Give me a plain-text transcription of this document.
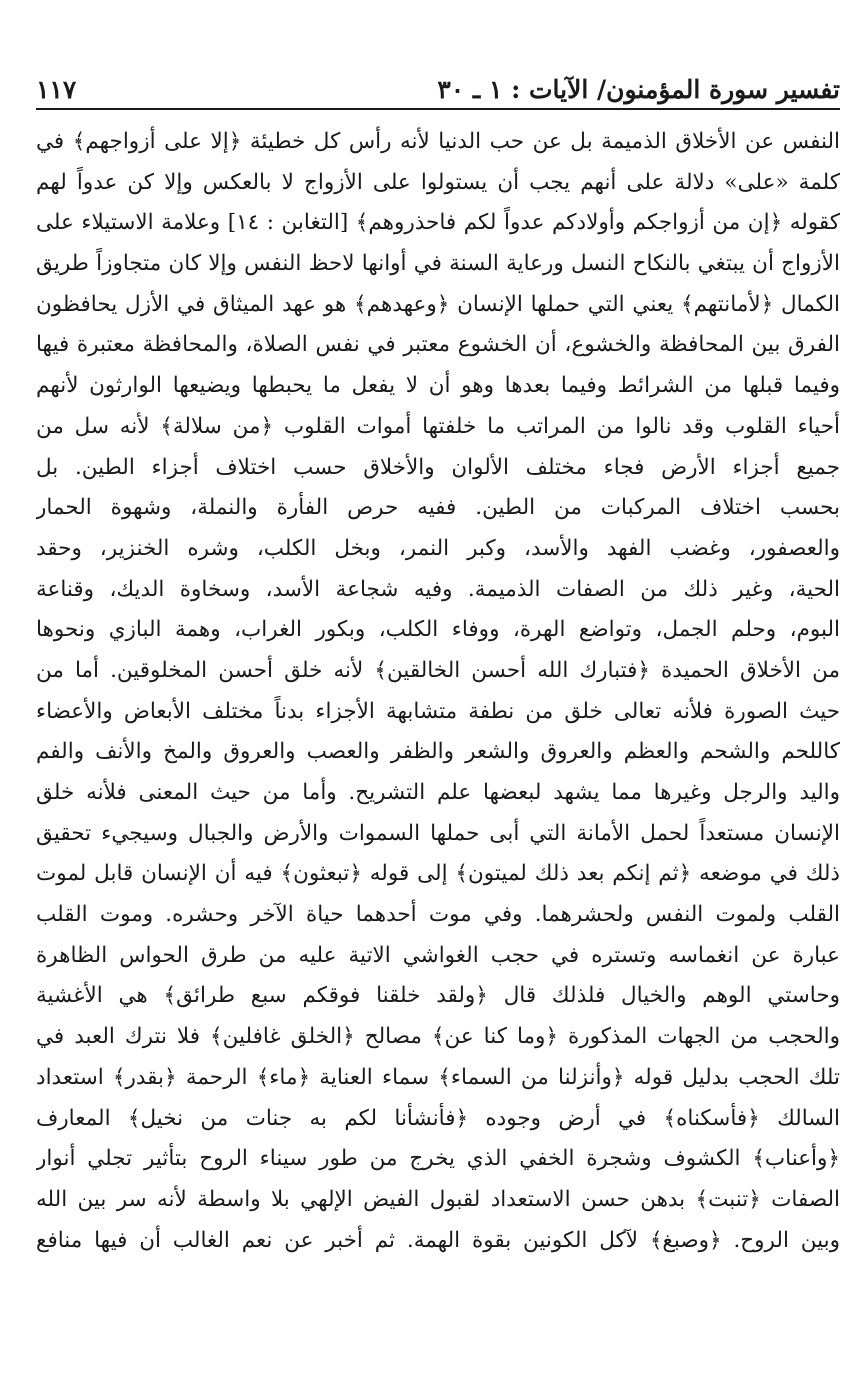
تفسير سورة المؤمنون/ الآيات : ١ ـ ٣٠
١١٧
النفس عن الأخلاق الذميمة بل عن حب الدنيا لأنه رأس كل خطيئة ﴿إلا على أزواجهم﴾ في
كلمة «على» دلالة على أنهم يجب أن يستولوا على الأزواج لا بالعكس وإلا كن عدواً لهم
كقوله ﴿إن من أزواجكم وأولادكم عدواً لكم فاحذروهم﴾ [التغابن : ١٤] وعلامة الاستيلاء على
الأزواج أن يبتغي بالنكاح النسل ورعاية السنة في أوانها لاحظ النفس وإلا كان متجاوزاً طريق
الكمال ﴿لأمانتهم﴾ يعني التي حملها الإنسان ﴿وعهدهم﴾ هو عهد الميثاق في الأزل يحافظون
الفرق بين المحافظة والخشوع، أن الخشوع معتبر في نفس الصلاة، والمحافظة معتبرة فيها
وفيما قبلها من الشرائط وفيما بعدها وهو أن لا يفعل ما يحبطها ويضيعها الوارثون لأنهم
أحياء القلوب وقد نالوا من المراتب ما خلفتها أموات القلوب ﴿من سلالة﴾ لأنه سل من
جميع أجزاء الأرض فجاء مختلف الألوان والأخلاق حسب اختلاف أجزاء الطين. بل
بحسب اختلاف المركبات من الطين. ففيه حرص الفأرة والنملة، وشهوة الحمار
والعصفور، وغضب الفهد والأسد، وكبر النمر، وبخل الكلب، وشره الخنزير، وحقد
الحية، وغير ذلك من الصفات الذميمة. وفيه شجاعة الأسد، وسخاوة الديك، وقناعة
البوم، وحلم الجمل، وتواضع الهرة، ووفاء الكلب، وبكور الغراب، وهمة البازي ونحوها
من الأخلاق الحميدة ﴿فتبارك الله أحسن الخالقين﴾ لأنه خلق أحسن المخلوقين. أما من
حيث الصورة فلأنه تعالى خلق من نطفة متشابهة الأجزاء بدناً مختلف الأبعاض والأعضاء
كاللحم والشحم والعظم والعروق والشعر والظفر والعصب والعروق والمخ والأنف والفم
واليد والرجل وغيرها مما يشهد لبعضها علم التشريح. وأما من حيث المعنى فلأنه خلق
الإنسان مستعداً لحمل الأمانة التي أبى حملها السموات والأرض والجبال وسيجيء تحقيق
ذلك في موضعه ﴿ثم إنكم بعد ذلك لميتون﴾ إلى قوله ﴿تبعثون﴾ فيه أن الإنسان قابل لموت
القلب ولموت النفس ولحشرهما. وفي موت أحدهما حياة الآخر وحشره. وموت القلب
عبارة عن انغماسه وتستره في حجب الغواشي الاتية عليه من طرق الحواس الظاهرة
وحاستي الوهم والخيال فلذلك قال ﴿ولقد خلقنا فوقكم سبع طرائق﴾ هي الأغشية
والحجب من الجهات المذكورة ﴿وما كنا عن﴾ مصالح ﴿الخلق غافلين﴾ فلا نترك العبد في
تلك الحجب بدليل قوله ﴿وأنزلنا من السماء﴾ سماء العناية ﴿ماء﴾ الرحمة ﴿بقدر﴾ استعداد
السالك ﴿فأسكناه﴾ في أرض وجوده ﴿فأنشأنا لكم به جنات من نخيل﴾ المعارف
﴿وأعناب﴾ الكشوف وشجرة الخفي الذي يخرج من طور سيناء الروح بتأثير تجلي أنوار
الصفات ﴿تنبت﴾ بدهن حسن الاستعداد لقبول الفيض الإلهي بلا واسطة لأنه سر بين الله
وبين الروح. ﴿وصبغ﴾ لآكل الكونين بقوة الهمة. ثم أخبر عن نعم الغالب أن فيها منافع
